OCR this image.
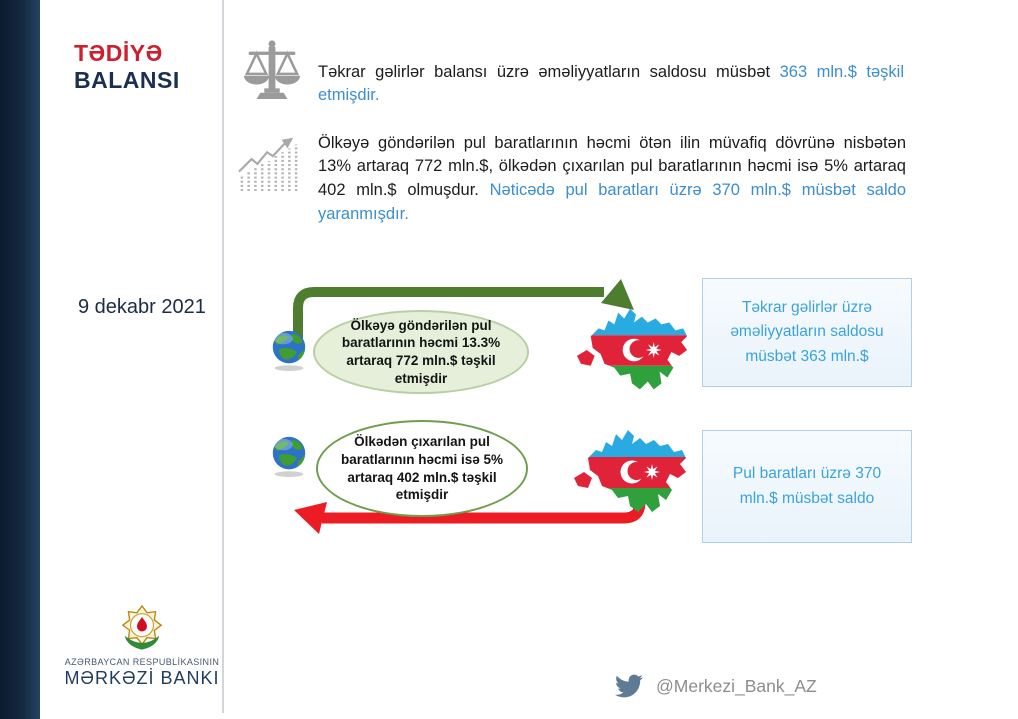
TƏDİYƏ
BALANSI
9 dekabr 2021
AZƏRBAYCAN RESPUBLİKASININ
MƏRKƏZİ BANKI

Təkrar gəlirlər balansı üzrə əməliyyatların saldosu müsbət 363 mln.$ təşkil etmişdir.

Ölkəyə göndərilən pul baratlarının həcmi ötən ilin müvafiq dövrünə nisbətən 13% artaraq 772 mln.$, ölkədən çıxarılan pul baratlarının həcmi isə 5% artaraq 402 mln.$ olmuşdur. Nəticədə pul baratları üzrə 370 mln.$ müsbət saldo yaranmışdır.

Ölkəyə göndərilən pul baratlarının həcmi 13.3% artaraq 772 mln.$ təşkil etmişdir
Ölkədən çıxarılan pul baratlarının həcmi isə 5% artaraq 402 mln.$ təşkil etmişdir
Təkrar gəlirlər üzrə əməliyyatların saldosu müsbət 363 mln.$
Pul baratları üzrə 370 mln.$ müsbət saldo
@Merkezi_Bank_AZ
